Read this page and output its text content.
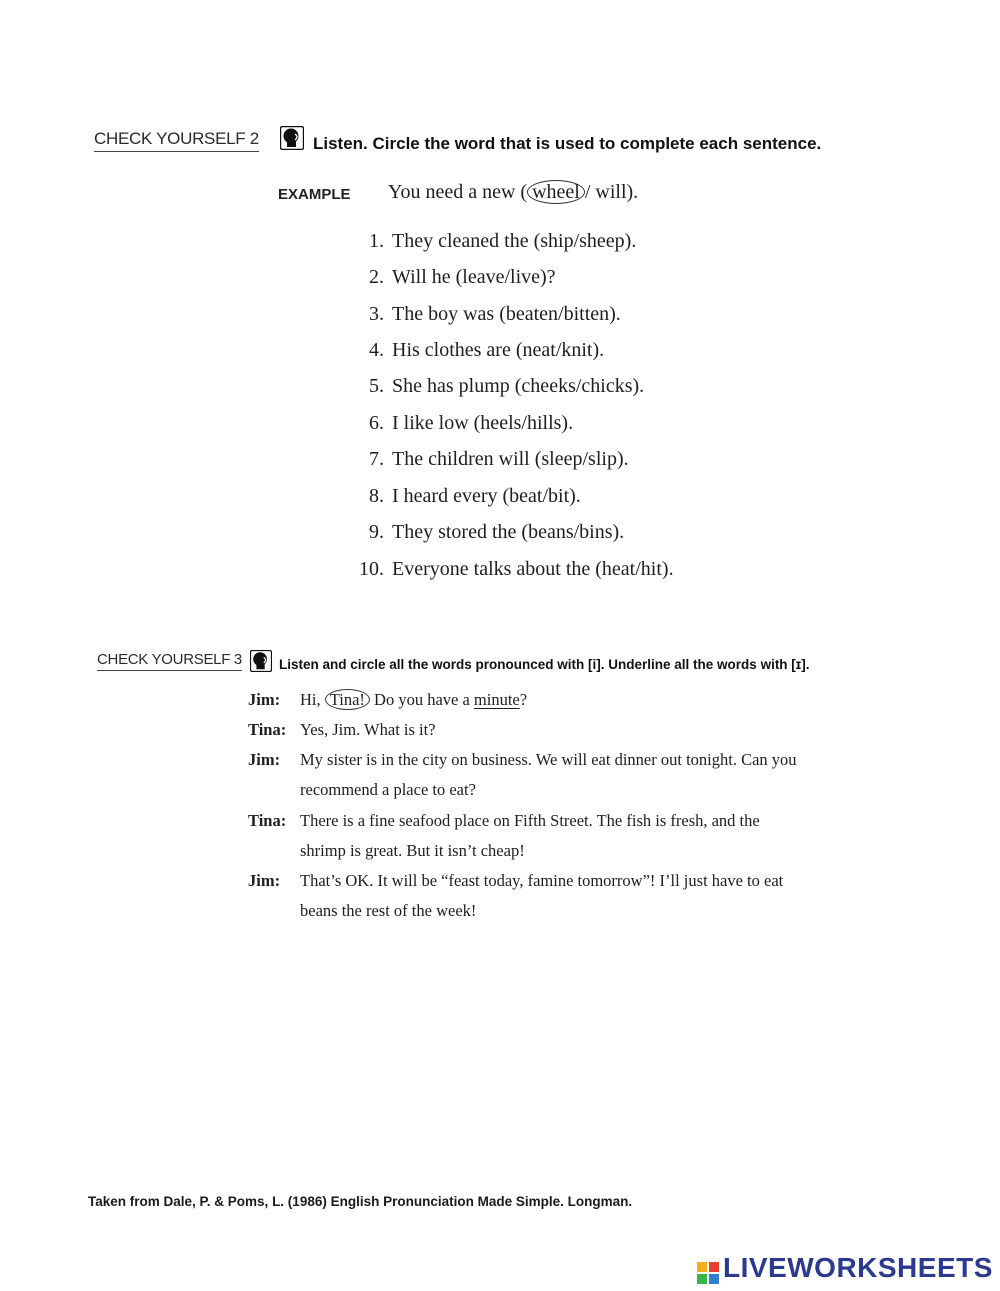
CHECK YOURSELF 2	Listen. Circle the word that is used to complete each sentence.
EXAMPLE You need a new ( wheel / will).
1. They cleaned the (ship/sheep).
2. Will he (leave/live)?
3. The boy was (beaten/bitten).
4. His clothes are (neat/knit).
5. She has plump (cheeks/chicks).
6. I like low (heels/hills).
7. The children will (sleep/slip).
8. I heard every (beat/bit).
9. They stored the (beans/bins).
10. Everyone talks about the (heat/hit).
CHECK YOURSELF 3	Listen and circle all the words pronounced with [i]. Underline all the words with [ɪ].
Jim: Hi, Tina! Do you have a minute?
Tina: Yes, Jim. What is it?
Jim: My sister is in the city on business. We will eat dinner out tonight. Can you
recommend a place to eat?
Tina: There is a fine seafood place on Fifth Street. The fish is fresh, and the
shrimp is great. But it isn’t cheap!
Jim: That’s OK. It will be “feast today, famine tomorrow”! I’ll just have to eat
beans the rest of the week!
Taken from Dale, P. & Poms, L. (1986) English Pronunciation Made Simple. Longman.
LIVEWORKSHEETS
